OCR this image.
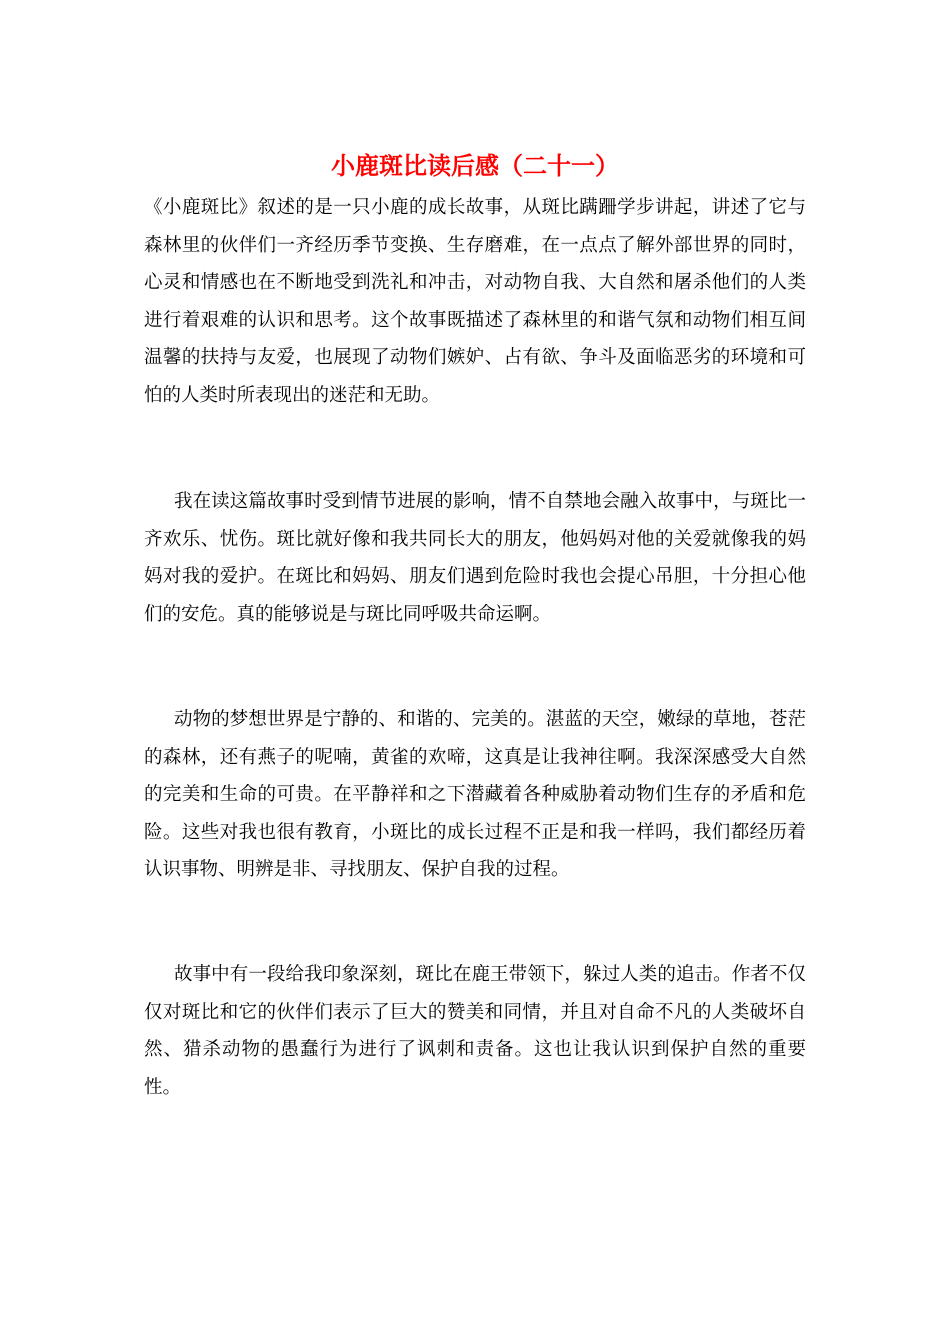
小鹿斑比读后感（二十一）

《小鹿斑比》叙述的是一只小鹿的成长故事，从斑比蹒跚学步讲起，讲述了它与森林里的伙伴们一齐经历季节变换、生存磨难，在一点点了解外部世界的同时，心灵和情感也在不断地受到洗礼和冲击，对动物自我、大自然和屠杀他们的人类进行着艰难的认识和思考。这个故事既描述了森林里的和谐气氛和动物们相互间温馨的扶持与友爱，也展现了动物们嫉妒、占有欲、争斗及面临恶劣的环境和可怕的人类时所表现出的迷茫和无助。

我在读这篇故事时受到情节进展的影响，情不自禁地会融入故事中，与斑比一齐欢乐、忧伤。斑比就好像和我共同长大的朋友，他妈妈对他的关爱就像我的妈妈对我的爱护。在斑比和妈妈、朋友们遇到危险时我也会提心吊胆，十分担心他们的安危。真的能够说是与斑比同呼吸共命运啊。

动物的梦想世界是宁静的、和谐的、完美的。湛蓝的天空，嫩绿的草地，苍茫的森林，还有燕子的呢喃，黄雀的欢啼，这真是让我神往啊。我深深感受大自然的完美和生命的可贵。在平静祥和之下潜藏着各种威胁着动物们生存的矛盾和危险。这些对我也很有教育，小斑比的成长过程不正是和我一样吗，我们都经历着认识事物、明辨是非、寻找朋友、保护自我的过程。

故事中有一段给我印象深刻，斑比在鹿王带领下，躲过人类的追击。作者不仅仅对斑比和它的伙伴们表示了巨大的赞美和同情，并且对自命不凡的人类破坏自然、猎杀动物的愚蠢行为进行了讽刺和责备。这也让我认识到保护自然的重要性。
